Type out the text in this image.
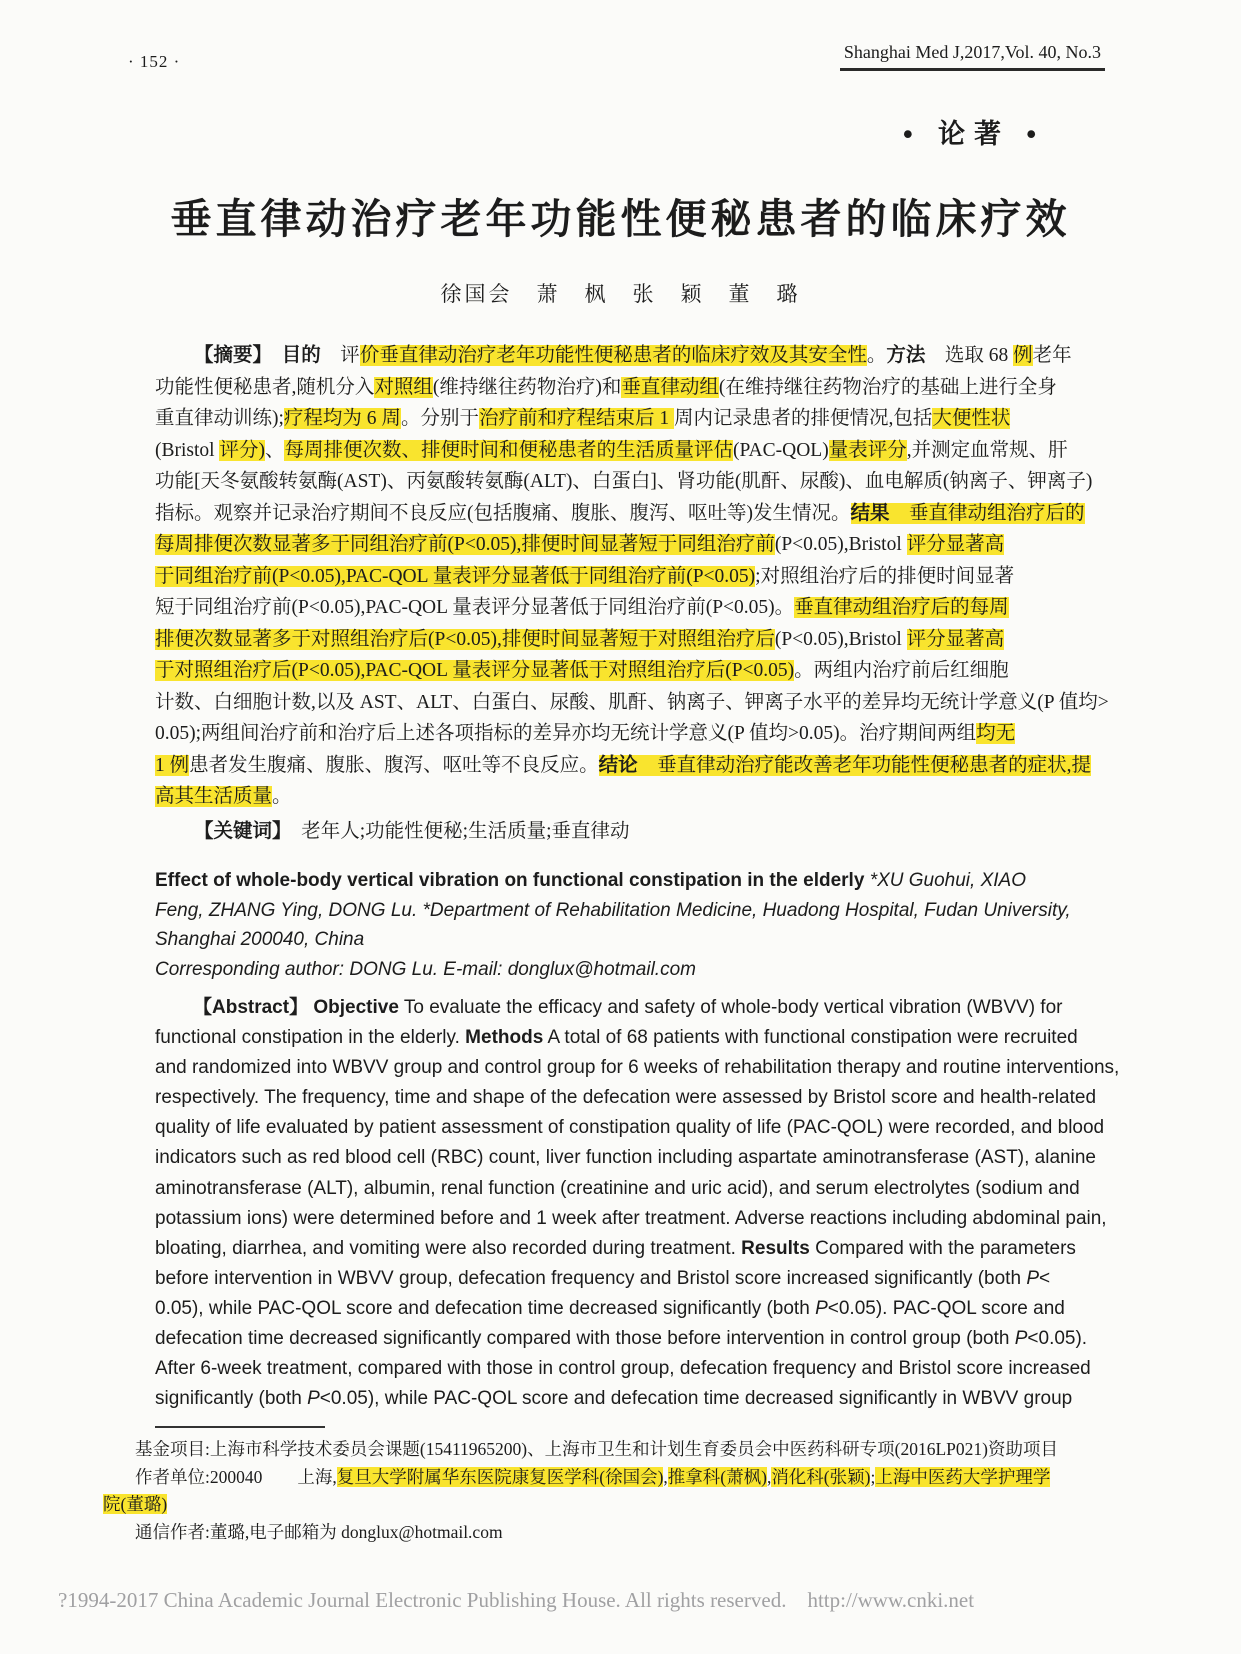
· 152 ·	Shanghai Med J,2017,Vol. 40, No.3
• 论著 •
垂直律动治疗老年功能性便秘患者的临床疗效
徐国会　萧　枫　张　颖　董　璐
【摘要】　 目的　评价垂直律动治疗老年功能性便秘患者的临床疗效及其安全性。方法　选取 68 例老年
功能性便秘患者,随机分入对照组(维持继往药物治疗)和垂直律动组(在维持继往药物治疗的基础上进行全身
重直律动训练);疗程均为 6 周。分别于治疗前和疗程结束后 1 周内记录患者的排便情况,包括大便性状
(Bristol 评分)、每周排便次数、排便时间和便秘患者的生活质量评估(PAC-QOL)量表评分,并测定血常规、肝
功能[天冬氨酸转氨酶(AST)、丙氨酸转氨酶(ALT)、白蛋白]、肾功能(肌酐、尿酸)、血电解质(钠离子、钾离子)
指标。观察并记录治疗期间不良反应(包括腹痛、腹胀、腹泻、呕吐等)发生情况。结果　垂直律动组治疗后的
每周排便次数显著多于同组治疗前(P<0.05),排便时间显著短于同组治疗前(P<0.05),Bristol 评分显著高
于同组治疗前(P<0.05),PAC-QOL 量表评分显著低于同组治疗前(P<0.05);对照组治疗后的排便时间显著
短于同组治疗前(P<0.05),PAC-QOL 量表评分显著低于同组治疗前(P<0.05)。垂直律动组治疗后的每周
排便次数显著多于对照组治疗后(P<0.05),排便时间显著短于对照组治疗后(P<0.05),Bristol 评分显著高
于对照组治疗后(P<0.05),PAC-QOL 量表评分显著低于对照组治疗后(P<0.05)。两组内治疗前后红细胞
计数、白细胞计数,以及 AST、ALT、白蛋白、尿酸、肌酐、钠离子、钾离子水平的差异均无统计学意义(P 值均>
0.05);两组间治疗前和治疗后上述各项指标的差异亦均无统计学意义(P 值均>0.05)。治疗期间两组均无
1 例患者发生腹痛、腹胀、腹泻、呕吐等不良反应。结论　垂直律动治疗能改善老年功能性便秘患者的症状,提
高其生活质量。
【关键词】　老年人;功能性便秘;生活质量;垂直律动
Effect of whole-body vertical vibration on functional constipation in the elderly *XU Guohui, XIAO
Feng, ZHANG Ying, DONG Lu. *Department of Rehabilitation Medicine, Huadong Hospital, Fudan University,
Shanghai 200040, China
Corresponding author: DONG Lu. E-mail: donglux@hotmail.com
【Abstract】 Objective To evaluate the efficacy and safety of whole-body vertical vibration (WBVV) for
functional constipation in the elderly. Methods A total of 68 patients with functional constipation were recruited
and randomized into WBVV group and control group for 6 weeks of rehabilitation therapy and routine interventions,
respectively. The frequency, time and shape of the defecation were assessed by Bristol score and health-related
quality of life evaluated by patient assessment of constipation quality of life (PAC-QOL) were recorded, and blood
indicators such as red blood cell (RBC) count, liver function including aspartate aminotransferase (AST), alanine
aminotransferase (ALT), albumin, renal function (creatinine and uric acid), and serum electrolytes (sodium and
potassium ions) were determined before and 1 week after treatment. Adverse reactions including abdominal pain,
bloating, diarrhea, and vomiting were also recorded during treatment. Results Compared with the parameters
before intervention in WBVV group, defecation frequency and Bristol score increased significantly (both P<
0.05), while PAC-QOL score and defecation time decreased significantly (both P<0.05). PAC-QOL score and
defecation time decreased significantly compared with those before intervention in control group (both P<0.05).
After 6-week treatment, compared with those in control group, defecation frequency and Bristol score increased
significantly (both P<0.05), while PAC-QOL score and defecation time decreased significantly in WBVV group
基金项目:上海市科学技术委员会课题(15411965200)、上海市卫生和计划生育委员会中医药科研专项(2016LP021)资助项目
作者单位:200040　　上海,复旦大学附属华东医院康复医学科(徐国会),推拿科(萧枫),消化科(张颖);上海中医药大学护理学
院(董璐)
通信作者:董璐,电子邮箱为 donglux@hotmail.com
?1994-2017 China Academic Journal Electronic Publishing House. All rights reserved.    http://www.cnki.net
